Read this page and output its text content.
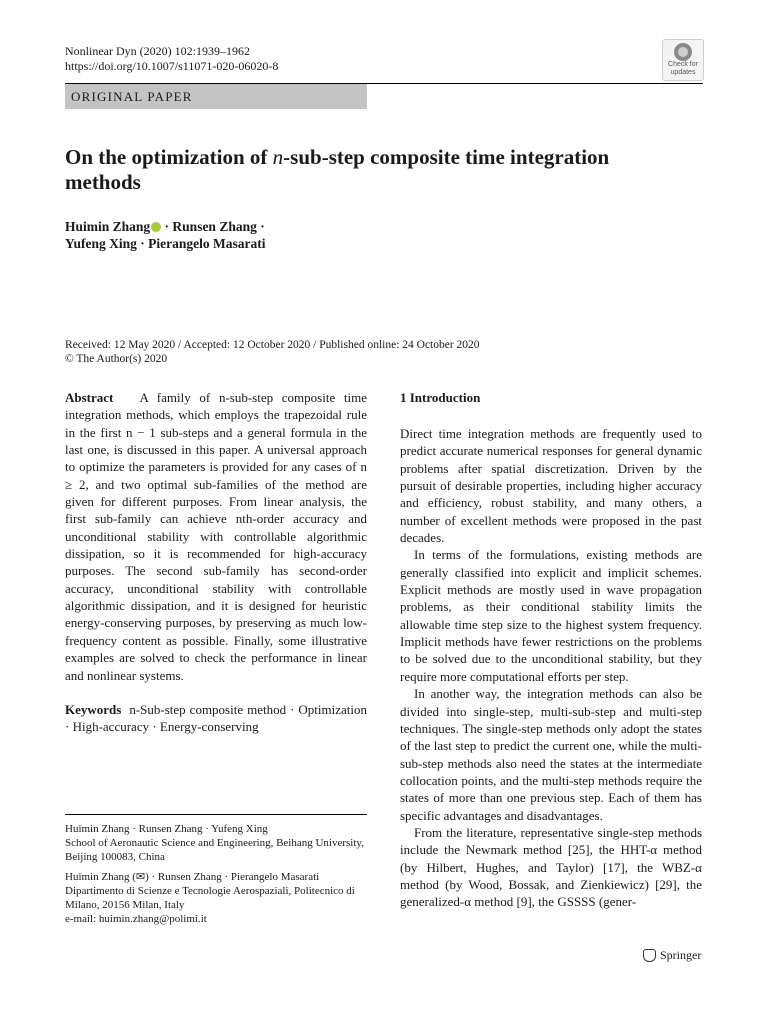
Nonlinear Dyn (2020) 102:1939–1962
https://doi.org/10.1007/s11071-020-06020-8	Check for
updates
ORIGINAL PAPER
On the optimization of n-sub-step composite time integration methods
Huimin Zhang · Runsen Zhang ·
Yufeng Xing · Pierangelo Masarati
Received: 12 May 2020 / Accepted: 12 October 2020 / Published online: 24 October 2020
© The Author(s) 2020
Abstract A family of n-sub-step composite time integration methods, which employs the trapezoidal rule in the first n − 1 sub-steps and a general formula in the last one, is discussed in this paper. A universal approach to optimize the parameters is provided for any cases of n ≥ 2, and two optimal sub-families of the method are given for different purposes. From linear analysis, the first sub-family can achieve nth-order accuracy and unconditional stability with controllable algorithmic dissipation, so it is recommended for high-accuracy purposes. The second sub-family has second-order accuracy, unconditional stability with controllable algorithmic dissipation, and it is designed for heuristic energy-conserving purposes, by preserving as much low-frequency content as possible. Finally, some illustrative examples are solved to check the performance in linear and nonlinear systems.
Keywords n-Sub-step composite method · Optimization · High-accuracy · Energy-conserving
Huimin Zhang · Runsen Zhang · Yufeng Xing
School of Aeronautic Science and Engineering, Beihang University, Beijing 100083, China
Huimin Zhang (✉) · Runsen Zhang · Pierangelo Masarati
Dipartimento di Scienze e Tecnologie Aerospaziali, Politecnico di Milano, 20156 Milan, Italy
e-mail: huimin.zhang@polimi.it
1 Introduction

Direct time integration methods are frequently used to predict accurate numerical responses for general dynamic problems after spatial discretization. Driven by the pursuit of desirable properties, including higher accuracy and efficiency, robust stability, and many others, a number of excellent methods were proposed in the past decades.

In terms of the formulations, existing methods are generally classified into explicit and implicit schemes. Explicit methods are mostly used in wave propagation problems, as their conditional stability limits the allowable time step size to the highest system frequency. Implicit methods have fewer restrictions on the problems to be solved due to the unconditional stability, but they require more computational efforts per step.

In another way, the integration methods can also be divided into single-step, multi-sub-step and multi-step techniques. The single-step methods only adopt the states of the last step to predict the current one, while the multi-sub-step methods also need the states at the intermediate collocation points, and the multi-step methods require the states of more than one previous step. Each of them has specific advantages and disadvantages.

From the literature, representative single-step methods include the Newmark method [25], the HHT-α method (by Hilbert, Hughes, and Taylor) [17], the WBZ-α method (by Wood, Bossak, and Zienkiewicz) [29], the generalized-α method [9], the GSSSS (gener-

Springer
